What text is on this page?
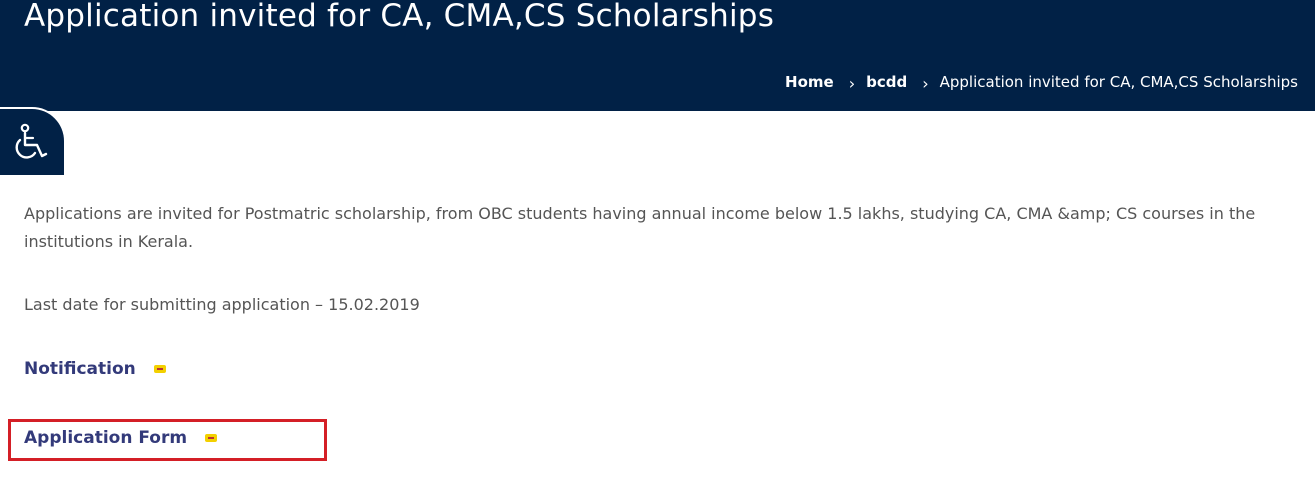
Application invited for CA, CMA,CS Scholarships
Home › bcdd › Application invited for CA, CMA,CS Scholarships

Applications are invited for Postmatric scholarship, from OBC students having annual income below 1.5 lakhs, studying CA, CMA &amp; CS courses in the institutions in Kerala.

Last date for submitting application – 15.02.2019

Notification
Application Form
